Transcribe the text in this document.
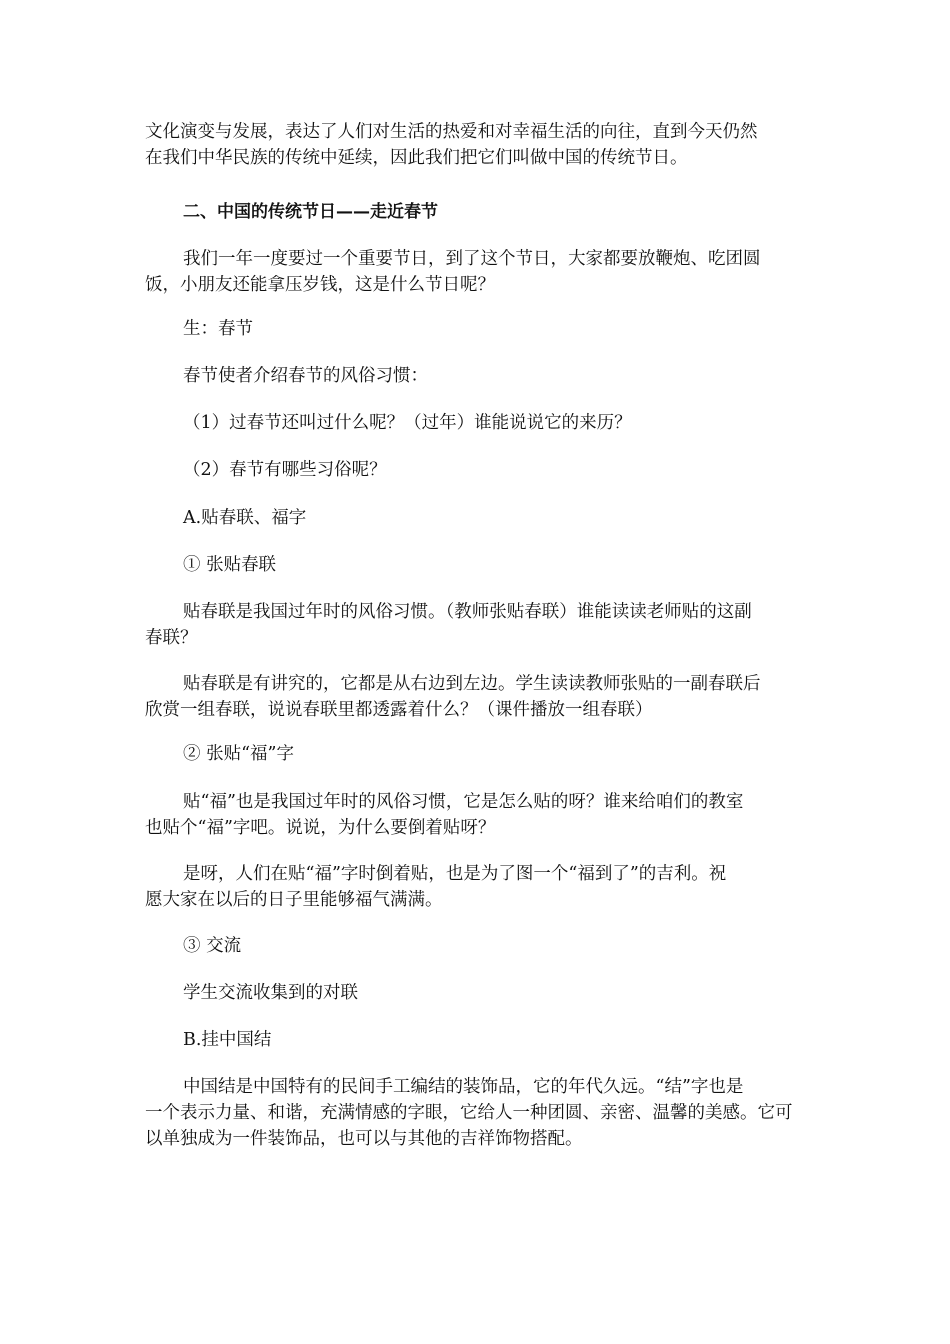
文化演变与发展，表达了人们对生活的热爱和对幸福生活的向往，直到今天仍然
在我们中华民族的传统中延续，因此我们把它们叫做中国的传统节日。
二、中国的传统节日——走近春节
我们一年一度要过一个重要节日，到了这个节日，大家都要放鞭炮、吃团圆
饭，小朋友还能拿压岁钱，这是什么节日呢？
生：春节
春节使者介绍春节的风俗习惯：
（1）过春节还叫过什么呢？（过年）谁能说说它的来历？
（2）春节有哪些习俗呢？
A.贴春联、福字
① 张贴春联
贴春联是我国过年时的风俗习惯。（教师张贴春联）谁能读读老师贴的这副
春联？
贴春联是有讲究的，它都是从右边到左边。学生读读教师张贴的一副春联后
欣赏一组春联，说说春联里都透露着什么？（课件播放一组春联）
② 张贴“福”字
贴“福”也是我国过年时的风俗习惯，它是怎么贴的呀？谁来给咱们的教室
也贴个“福”字吧。说说，为什么要倒着贴呀？
是呀，人们在贴“福”字时倒着贴，也是为了图一个“福到了”的吉利。祝
愿大家在以后的日子里能够福气满满。
③ 交流
学生交流收集到的对联
B.挂中国结
中国结是中国特有的民间手工编结的装饰品，它的年代久远。“结”字也是
一个表示力量、和谐，充满情感的字眼，它给人一种团圆、亲密、温馨的美感。它可
以单独成为一件装饰品，也可以与其他的吉祥饰物搭配。
